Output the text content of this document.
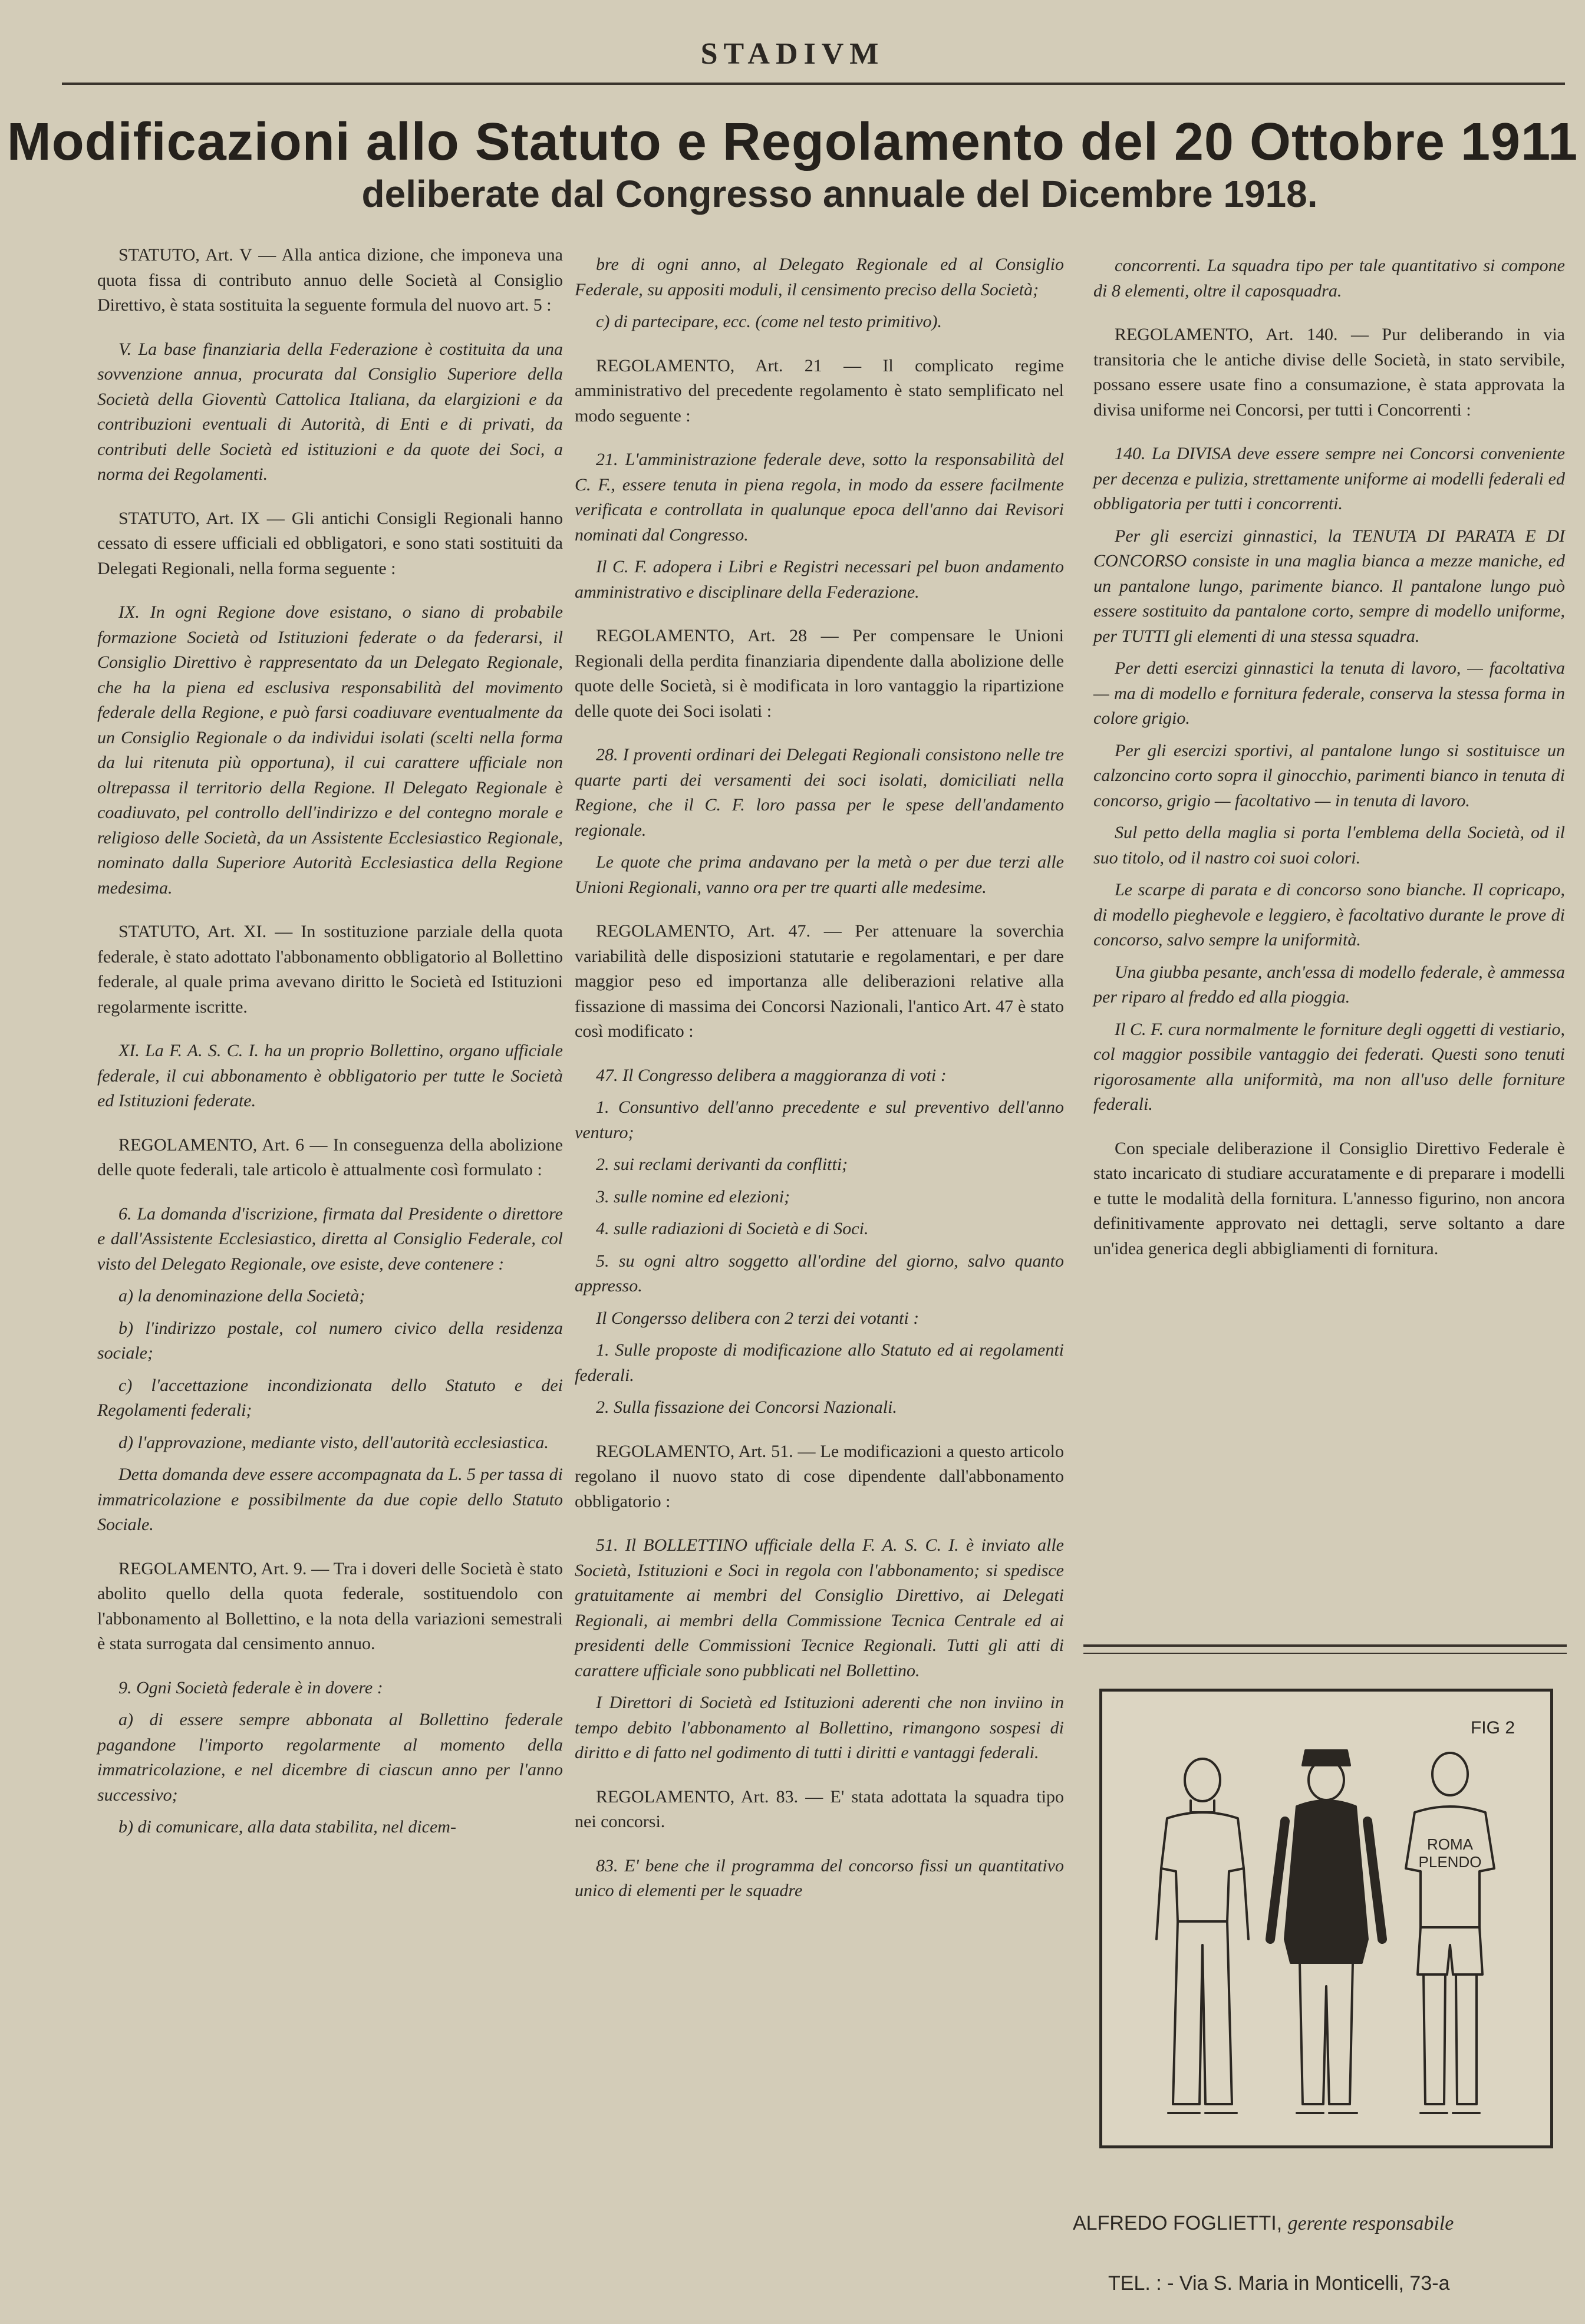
STADIVM
Modificazioni allo Statuto e Regolamento del 20 Ottobre 1911
deliberate dal Congresso annuale del Dicembre 1918.

STATUTO, Art. V — Alla antica dizione, che imponeva una quota fissa di contributo annuo delle Società al Consiglio Direttivo, è stata sostituita la seguente formula del nuovo art. 5 :

V. La base finanziaria della Federazione è costituita da una sovvenzione annua, procurata dal Consiglio Superiore della Società della Gioventù Cattolica Italiana, da elargizioni e da contribuzioni eventuali di Autorità, di Enti e di privati, da contributi delle Società ed istituzioni e da quote dei Soci, a norma dei Regolamenti.

STATUTO, Art. IX — Gli antichi Consigli Regionali hanno cessato di essere ufficiali ed obbligatori, e sono stati sostituiti da Delegati Regionali, nella forma seguente :

IX. In ogni Regione dove esistano, o siano di probabile formazione Società od Istituzioni federate o da federarsi, il Consiglio Direttivo è rappresentato da un Delegato Regionale, che ha la piena ed esclusiva responsabilità del movimento federale della Regione, e può farsi coadiuvare eventualmente da un Consiglio Regionale o da individui isolati (scelti nella forma da lui ritenuta più opportuna), il cui carattere ufficiale non oltrepassa il territorio della Regione. Il Delegato Regionale è coadiuvato, pel controllo dell'indirizzo e del contegno morale e religioso delle Società, da un Assistente Ecclesiastico Regionale, nominato dalla Superiore Autorità Ecclesiastica della Regione medesima.

STATUTO, Art. XI. — In sostituzione parziale della quota federale, è stato adottato l'abbonamento obbligatorio al Bollettino federale, al quale prima avevano diritto le Società ed Istituzioni regolarmente iscritte.

XI. La F. A. S. C. I. ha un proprio Bollettino, organo ufficiale federale, il cui abbonamento è obbligatorio per tutte le Società ed Istituzioni federate.

REGOLAMENTO, Art. 6 — In conseguenza della abolizione delle quote federali, tale articolo è attualmente così formulato :

6. La domanda d'iscrizione, firmata dal Presidente o direttore e dall'Assistente Ecclesiastico, diretta al Consiglio Federale, col visto del Delegato Regionale, ove esiste, deve contenere :

a) la denominazione della Società;

b) l'indirizzo postale, col numero civico della residenza sociale;

c) l'accettazione incondizionata dello Statuto e dei Regolamenti federali;

d) l'approvazione, mediante visto, dell'autorità ecclesiastica.

Detta domanda deve essere accompagnata da L. 5 per tassa di immatricolazione e possibilmente da due copie dello Statuto Sociale.

REGOLAMENTO, Art. 9. — Tra i doveri delle Società è stato abolito quello della quota federale, sostituendolo con l'abbonamento al Bollettino, e la nota della variazioni semestrali è stata surrogata dal censimento annuo.

9. Ogni Società federale è in dovere :

a) di essere sempre abbonata al Bollettino federale pagandone l'importo regolarmente al momento della immatricolazione, e nel dicembre di ciascun anno per l'anno successivo;

b) di comunicare, alla data stabilita, nel dicem-

bre di ogni anno, al Delegato Regionale ed al Consiglio Federale, su appositi moduli, il censimento preciso della Società;

c) di partecipare, ecc. (come nel testo primitivo).

REGOLAMENTO, Art. 21 — Il complicato regime amministrativo del precedente regolamento è stato semplificato nel modo seguente :

21. L'amministrazione federale deve, sotto la responsabilità del C. F., essere tenuta in piena regola, in modo da essere facilmente verificata e controllata in qualunque epoca dell'anno dai Revisori nominati dal Congresso.

Il C. F. adopera i Libri e Registri necessari pel buon andamento amministrativo e disciplinare della Federazione.

REGOLAMENTO, Art. 28 — Per compensare le Unioni Regionali della perdita finanziaria dipendente dalla abolizione delle quote delle Società, si è modificata in loro vantaggio la ripartizione delle quote dei Soci isolati :

28. I proventi ordinari dei Delegati Regionali consistono nelle tre quarte parti dei versamenti dei soci isolati, domiciliati nella Regione, che il C. F. loro passa per le spese dell'andamento regionale.

Le quote che prima andavano per la metà o per due terzi alle Unioni Regionali, vanno ora per tre quarti alle medesime.

REGOLAMENTO, Art. 47. — Per attenuare la soverchia variabilità delle disposizioni statutarie e regolamentari, e per dare maggior peso ed importanza alle deliberazioni relative alla fissazione di massima dei Concorsi Nazionali, l'antico Art. 47 è stato così modificato :

47. Il Congresso delibera a maggioranza di voti :

1. Consuntivo dell'anno precedente e sul preventivo dell'anno venturo;

2. sui reclami derivanti da conflitti;

3. sulle nomine ed elezioni;

4. sulle radiazioni di Società e di Soci.

5. su ogni altro soggetto all'ordine del giorno, salvo quanto appresso.

Il Congersso delibera con 2 terzi dei votanti :

1. Sulle proposte di modificazione allo Statuto ed ai regolamenti federali.

2. Sulla fissazione dei Concorsi Nazionali.

REGOLAMENTO, Art. 51. — Le modificazioni a questo articolo regolano il nuovo stato di cose dipendente dall'abbonamento obbligatorio :

51. Il BOLLETTINO ufficiale della F. A. S. C. I. è inviato alle Società, Istituzioni e Soci in regola con l'abbonamento; si spedisce gratuitamente ai membri del Consiglio Direttivo, ai Delegati Regionali, ai membri della Commissione Tecnica Centrale ed ai presidenti delle Commissioni Tecnice Regionali. Tutti gli atti di carattere ufficiale sono pubblicati nel Bollettino.

I Direttori di Società ed Istituzioni aderenti che non inviino in tempo debito l'abbonamento al Bollettino, rimangono sospesi di diritto e di fatto nel godimento di tutti i diritti e vantaggi federali.

REGOLAMENTO, Art. 83. — E' stata adottata la squadra tipo nei concorsi.

83. E' bene che il programma del concorso fissi un quantitativo unico di elementi per le squadre

concorrenti. La squadra tipo per tale quantitativo si compone di 8 elementi, oltre il caposquadra.

REGOLAMENTO, Art. 140. — Pur deliberando in via transitoria che le antiche divise delle Società, in stato servibile, possano essere usate fino a consumazione, è stata approvata la divisa uniforme nei Concorsi, per tutti i Concorrenti :

140. La DIVISA deve essere sempre nei Concorsi conveniente per decenza e pulizia, strettamente uniforme ai modelli federali ed obbligatoria per tutti i concorrenti.

Per gli esercizi ginnastici, la TENUTA DI PARATA E DI CONCORSO consiste in una maglia bianca a mezze maniche, ed un pantalone lungo, parimente bianco. Il pantalone lungo può essere sostituito da pantalone corto, sempre di modello uniforme, per TUTTI gli elementi di una stessa squadra.

Per detti esercizi ginnastici la tenuta di lavoro, — facoltativa — ma di modello e fornitura federale, conserva la stessa forma in colore grigio.

Per gli esercizi sportivi, al pantalone lungo si sostituisce un calzoncino corto sopra il ginocchio, parimenti bianco in tenuta di concorso, grigio — facoltativo — in tenuta di lavoro.

Sul petto della maglia si porta l'emblema della Società, od il suo titolo, od il nastro coi suoi colori.

Le scarpe di parata e di concorso sono bianche. Il copricapo, di modello pieghevole e leggiero, è facoltativo durante le prove di concorso, salvo sempre la uniformità.

Una giubba pesante, anch'essa di modello federale, è ammessa per riparo al freddo ed alla pioggia.

Il C. F. cura normalmente le forniture degli oggetti di vestiario, col maggior possibile vantaggio dei federati. Questi sono tenuti rigorosamente alla uniformità, ma non all'uso delle forniture federali.

Con speciale deliberazione il Consiglio Direttivo Federale è stato incaricato di studiare accuratamente e di preparare i modelli e tutte le modalità della fornitura. L'annesso figurino, non ancora definitivamente approvato nei dettagli, serve soltanto a dare un'idea generica degli abbigliamenti di fornitura.

FIG 2
ROMA
PLENDO
ALFREDO FOGLIETTI, gerente responsabile
TEL. : - Via S. Maria in Monticelli, 73-a
